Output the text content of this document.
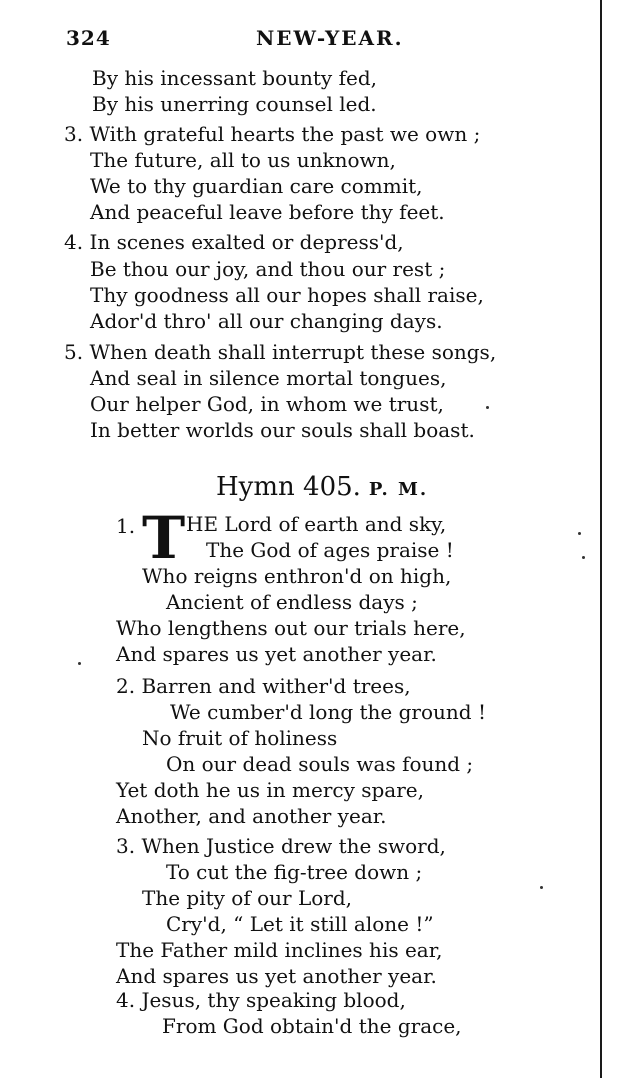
324	NEW-YEAR.
By his incessant bounty fed,
By his unerring counsel led.
3. With grateful hearts the past we own ;
The future, all to us unknown,
We to thy guardian care commit,
And peaceful leave before thy feet.
4. In scenes exalted or depress'd,
Be thou our joy, and thou our rest ;
Thy goodness all our hopes shall raise,
Ador'd thro' all our changing days.
5. When death shall interrupt these songs,
And seal in silence mortal tongues,
Our helper God, in whom we trust,
In better worlds our souls shall boast.
Hymn 405. P. M.
1. T HE Lord of earth and sky,
The God of ages praise !
Who reigns enthron'd on high,
Ancient of endless days ;
Who lengthens out our trials here,
And spares us yet another year.
2. Barren and wither'd trees,
We cumber'd long the ground !
No fruit of holiness
On our dead souls was found ;
Yet doth he us in mercy spare,
Another, and another year.
3. When Justice drew the sword,
To cut the fig-tree down ;
The pity of our Lord,
Cry'd, “ Let it still alone !”
The Father mild inclines his ear,
And spares us yet another year.
4. Jesus, thy speaking blood,
From God obtain'd the grace,
